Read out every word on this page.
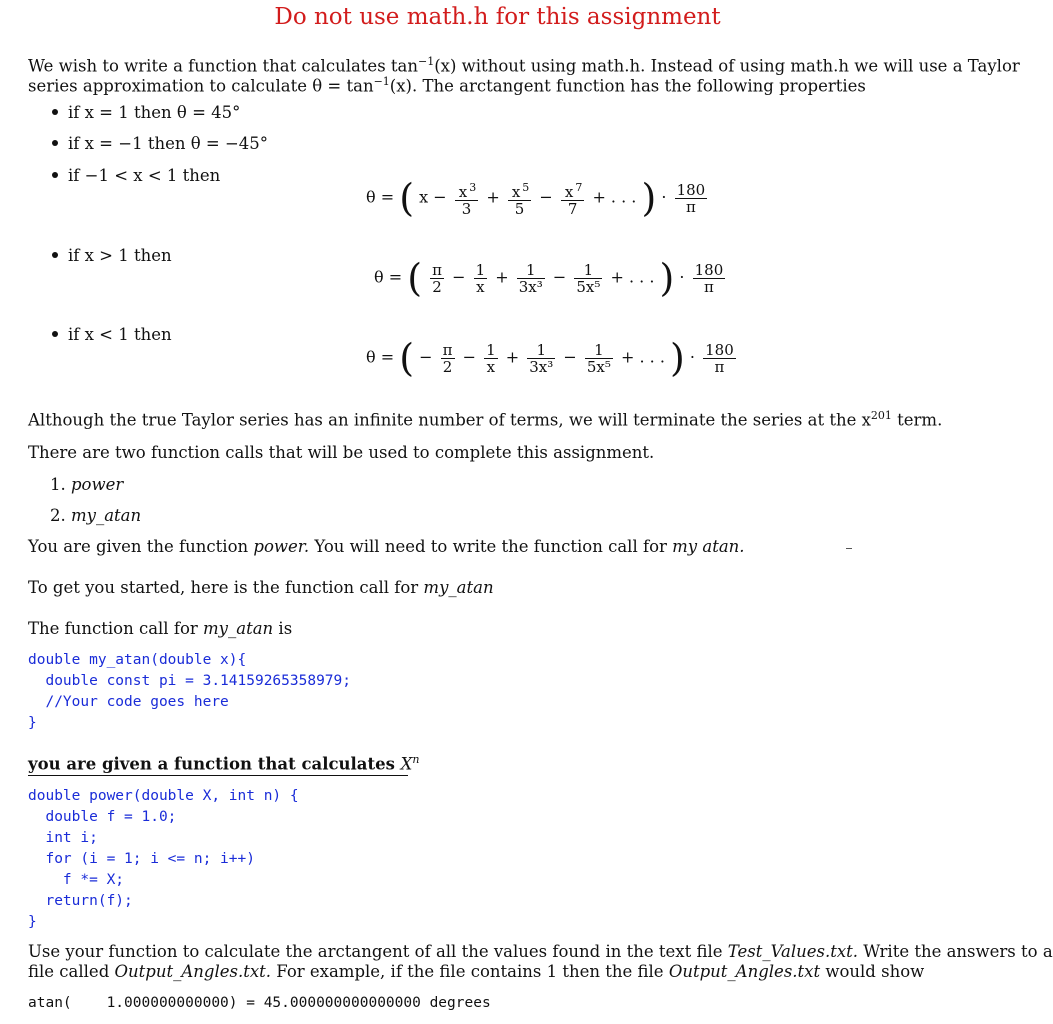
Do not use math.h for this assignment
We wish to write a function that calculates $\tan^{-1}(x)$ without using math.h. Instead of using math.h we will use a Taylor
series approximation to calculate $\theta = \tan^{-1}(x)$. The arctangent function has the following properties
if x = 1 then θ = 45°
if x = −1 then θ = −45°
if −1 < x < 1 then
θ = ( $x - \frac{x ^3}{3} + \frac{x ^5}{5} - \frac{x ^7}{7}$ + . . . ) · $\frac{180}{\pi}$
if x > 1 then
θ = ( $\frac{\pi}{2} - \frac{1}{x} + \frac{1}{\text{3x³}} - \frac{1}{\text{5x⁵}}$ + . . . ) · $\frac{180}{\pi}$
if x < 1 then
θ = ( − $\frac{\pi}{2} - \frac{1}{x} + \frac{1}{\text{3x³}} - \frac{1}{\text{5x⁵}}$ + . . . ) · $\frac{180}{\pi}$
Although the true Taylor series has an infinite number of terms, we will terminate the series at the $x^{201}$ term.
There are two function calls that will be used to complete this assignment.
1. power
2. my_atan
You are given the function power. You will need to write the function call for my atan.
To get you started, here is the function call for my_atan
The function call for my_atan is
double my_atan(double x){
double const pi = 3.14159265358979;
//Your code goes here
}
you are given a function that calculates $X^n$
double power(double X, int n) {
double f = 1.0;
int i;
for (i = 1; i <= n; i++)
f *= X;
return(f);
}
Use your function to calculate the arctangent of all the values found in the text file Test_Values.txt. Write the answers to a
file called Output_Angles.txt. For example, if the file contains 1 then the file Output_Angles.txt would show
atan(    1.000000000000) = 45.000000000000000 degrees
